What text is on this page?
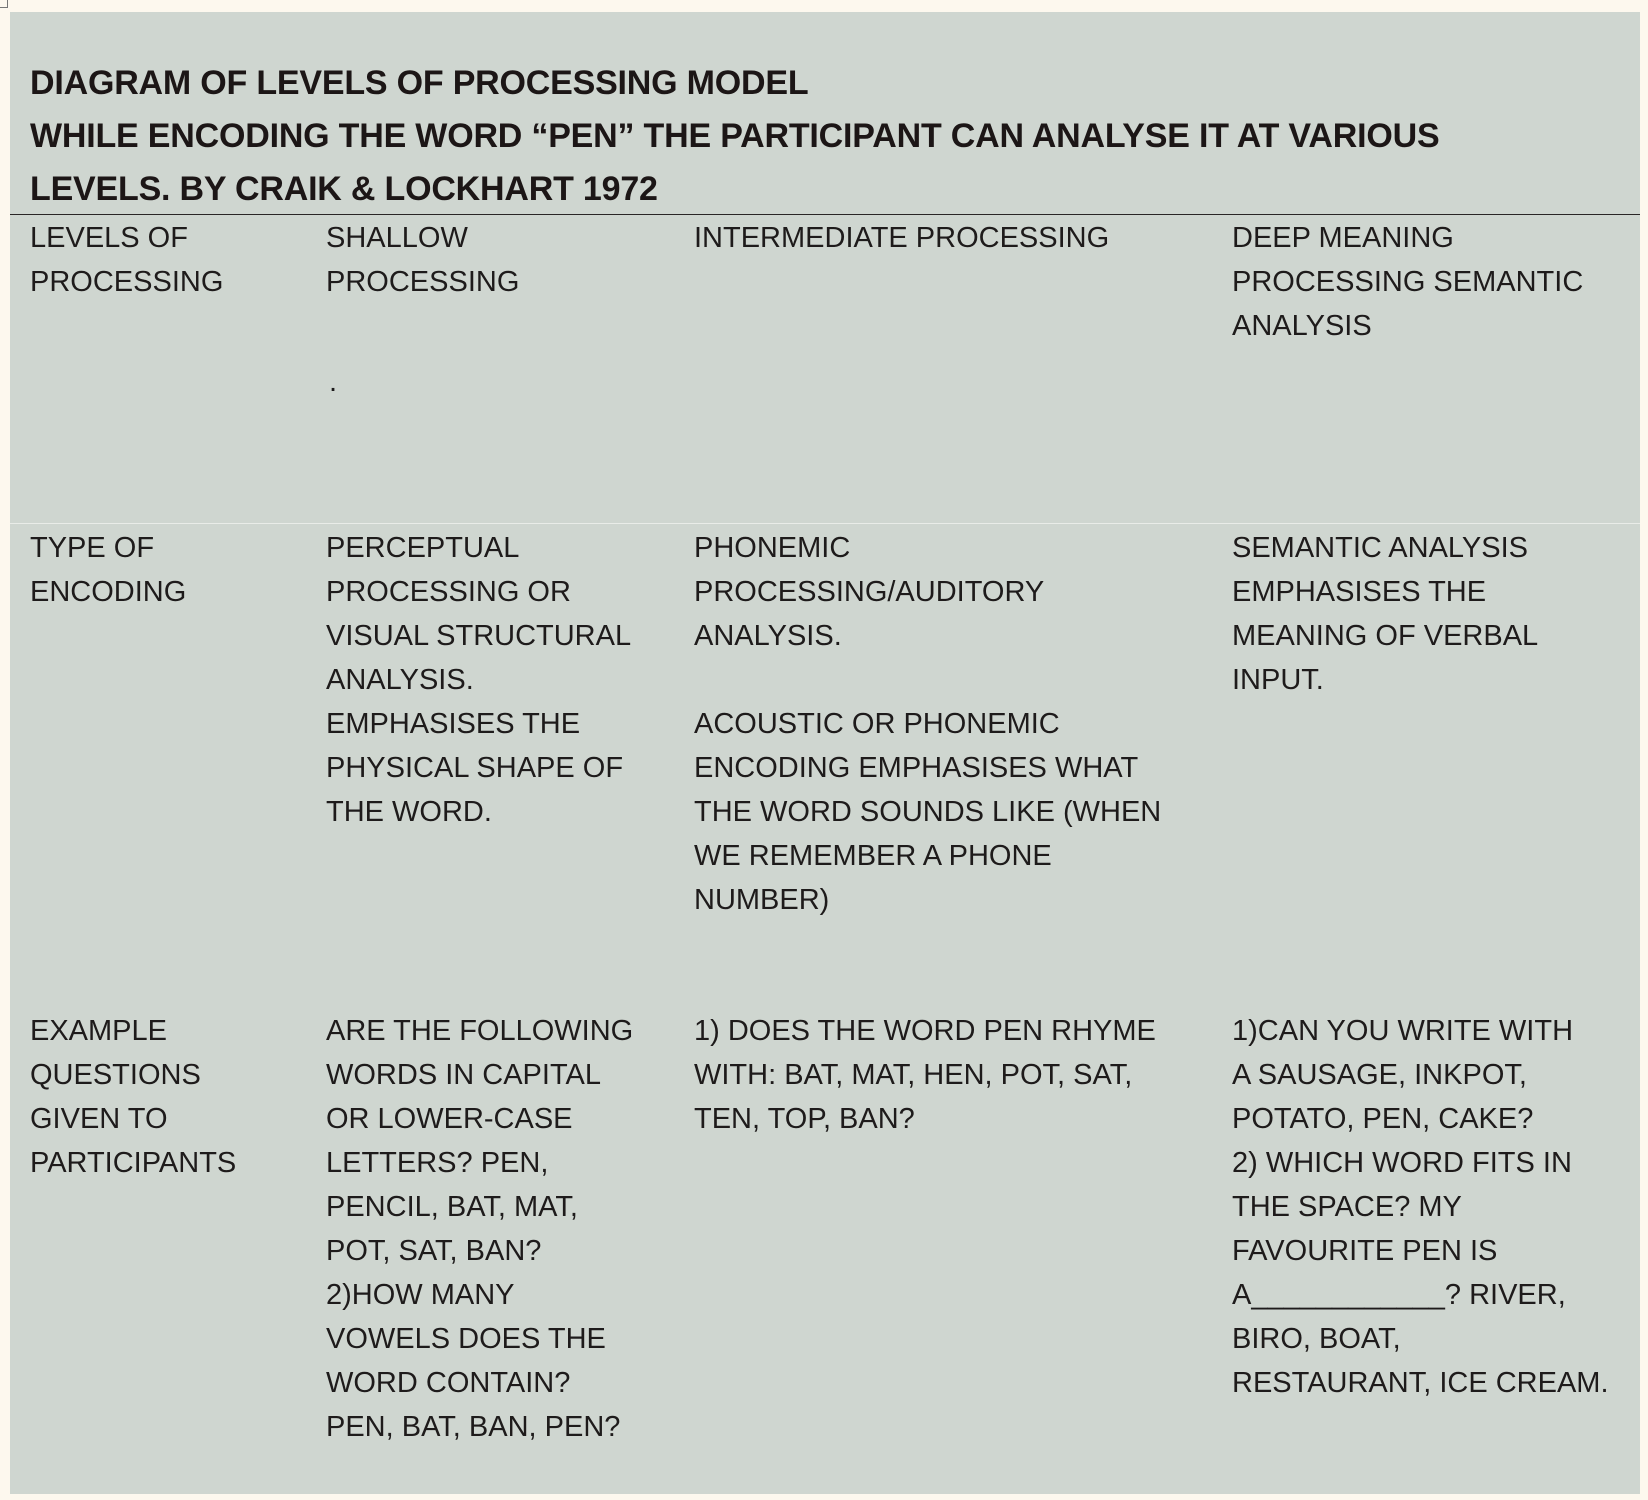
DIAGRAM OF LEVELS OF PROCESSING MODEL
WHILE ENCODING THE WORD “PEN” THE PARTICIPANT CAN ANALYSE IT AT VARIOUS
LEVELS. BY CRAIK & LOCKHART 1972

LEVELS OF
PROCESSING

SHALLOW
PROCESSING

.

INTERMEDIATE PROCESSING	DEEP MEANING
PROCESSING SEMANTIC
ANALYSIS

TYPE OF
ENCODING

PERCEPTUAL
PROCESSING OR
VISUAL STRUCTURAL
ANALYSIS.
EMPHASISES THE
PHYSICAL SHAPE OF
THE WORD.

PHONEMIC
PROCESSING/AUDITORY
ANALYSIS.

ACOUSTIC OR PHONEMIC
ENCODING EMPHASISES WHAT
THE WORD SOUNDS LIKE (WHEN
WE REMEMBER A PHONE
NUMBER)

SEMANTIC ANALYSIS
EMPHASISES THE
MEANING OF VERBAL
INPUT.

EXAMPLE
QUESTIONS
GIVEN TO
PARTICIPANTS

ARE THE FOLLOWING
WORDS IN CAPITAL
OR LOWER-CASE
LETTERS? PEN,
PENCIL, BAT, MAT,
POT, SAT, BAN?
2)HOW MANY
VOWELS DOES THE
WORD CONTAIN?
PEN, BAT, BAN, PEN?

1) DOES THE WORD PEN RHYME
WITH: BAT, MAT, HEN, POT, SAT,
TEN, TOP, BAN?

1)CAN YOU WRITE WITH
A SAUSAGE, INKPOT,
POTATO, PEN, CAKE?
2) WHICH WORD FITS IN
THE SPACE? MY
FAVOURITE PEN IS
A____________? RIVER,
BIRO, BOAT,
RESTAURANT, ICE CREAM.
